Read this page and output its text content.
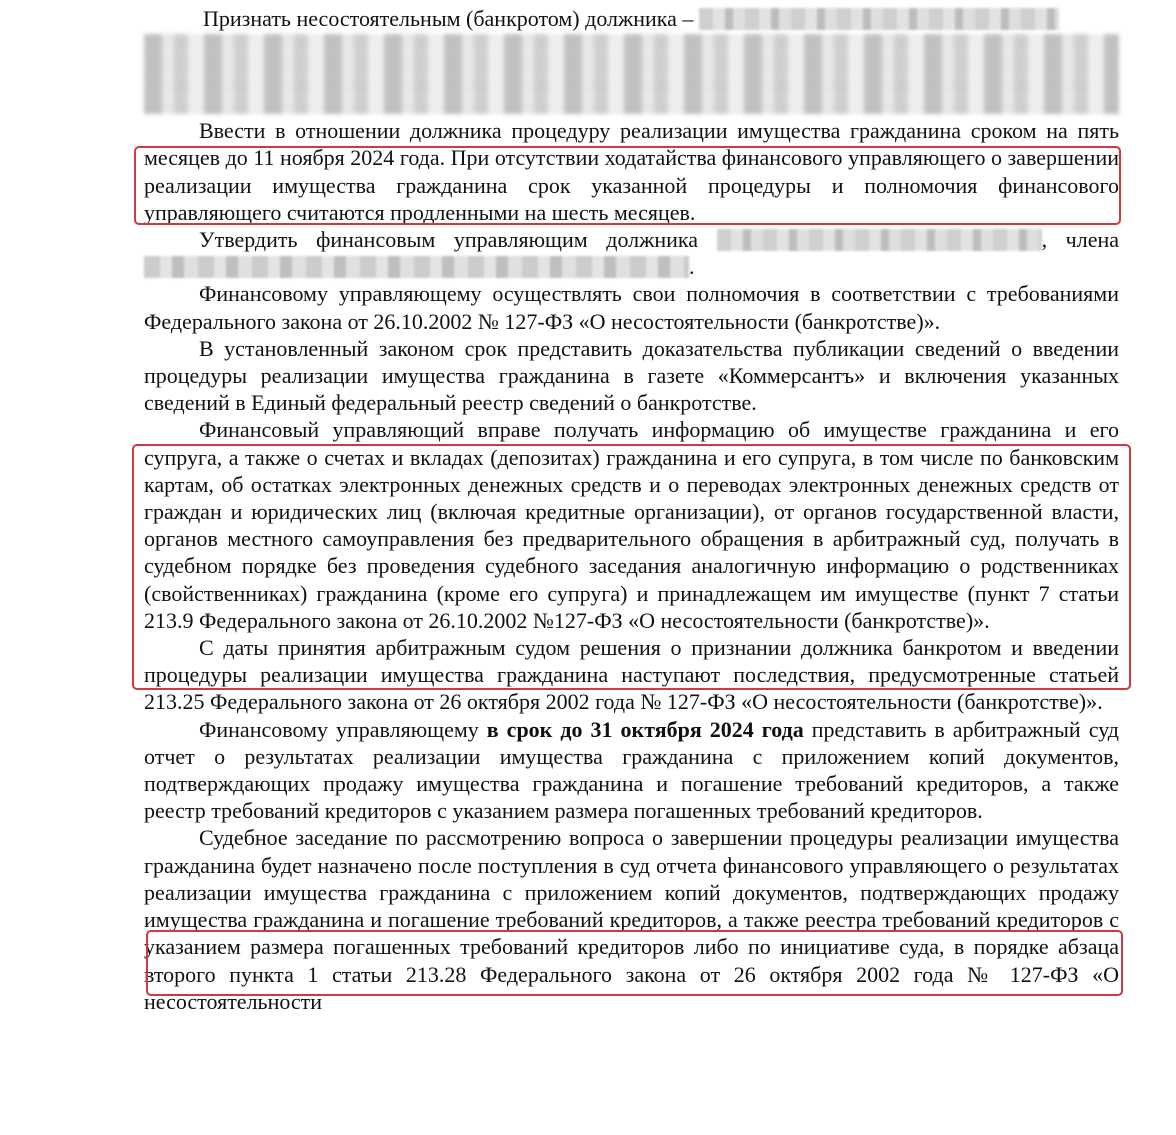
Признать несостоятельным (банкротом) должника –

Ввести в отношении должника процедуру реализации имущества гражданина сроком на пять месяцев до 11 ноября 2024 года. При отсутствии ходатайства финансового управляющего о завершении реализации имущества гражданина срок указанной процедуры и полномочия финансового управляющего считаются продленными на шесть месяцев.

Утвердить финансовым управляющим должника	, члена .

Финансовому управляющему осуществлять свои полномочия в соответствии с требованиями Федерального закона от 26.10.2002 № 127-ФЗ «О несостоятельности (банкротстве)».

В установленный законом срок представить доказательства публикации сведений о введении процедуры реализации имущества гражданина в газете «Коммерсантъ» и включения указанных сведений в Единый федеральный реестр сведений о банкротстве.

Финансовый управляющий вправе получать информацию об имуществе гражданина и его супруга, а также о счетах и вкладах (депозитах) гражданина и его супруга, в том числе по банковским картам, об остатках электронных денежных средств и о переводах электронных денежных средств от граждан и юридических лиц (включая кредитные организации), от органов государственной власти, органов местного самоуправления без предварительного обращения в арбитражный суд, получать в судебном порядке без проведения судебного заседания аналогичную информацию о родственниках (свойственниках) гражданина (кроме его супруга) и принадлежащем им имуществе (пункт 7 статьи 213.9 Федерального закона от 26.10.2002 №127-ФЗ «О несостоятельности (банкротстве)».

С даты принятия арбитражным судом решения о признании должника банкротом и введении процедуры реализации имущества гражданина наступают последствия, предусмотренные статьей 213.25 Федерального закона от 26 октября 2002 года № 127-ФЗ «О несостоятельности (банкротстве)».

Финансовому управляющему в срок до 31 октября 2024 года представить в арбитражный суд отчет о результатах реализации имущества гражданина с приложением копий документов, подтверждающих продажу имущества гражданина и погашение требований кредиторов, а также реестр требований кредиторов с указанием размера погашенных требований кредиторов.

Судебное заседание по рассмотрению вопроса о завершении процедуры реализации имущества гражданина будет назначено после поступления в суд отчета финансового управляющего о результатах реализации имущества гражданина с приложением копий документов, подтверждающих продажу имущества гражданина и погашение требований кредиторов, а также реестра требований кредиторов с указанием размера погашенных требований кредиторов либо по инициативе суда, в порядке абзаца второго пункта 1 статьи 213.28 Федерального закона от 26 октября 2002 года № 127-ФЗ «О несостоятельности
